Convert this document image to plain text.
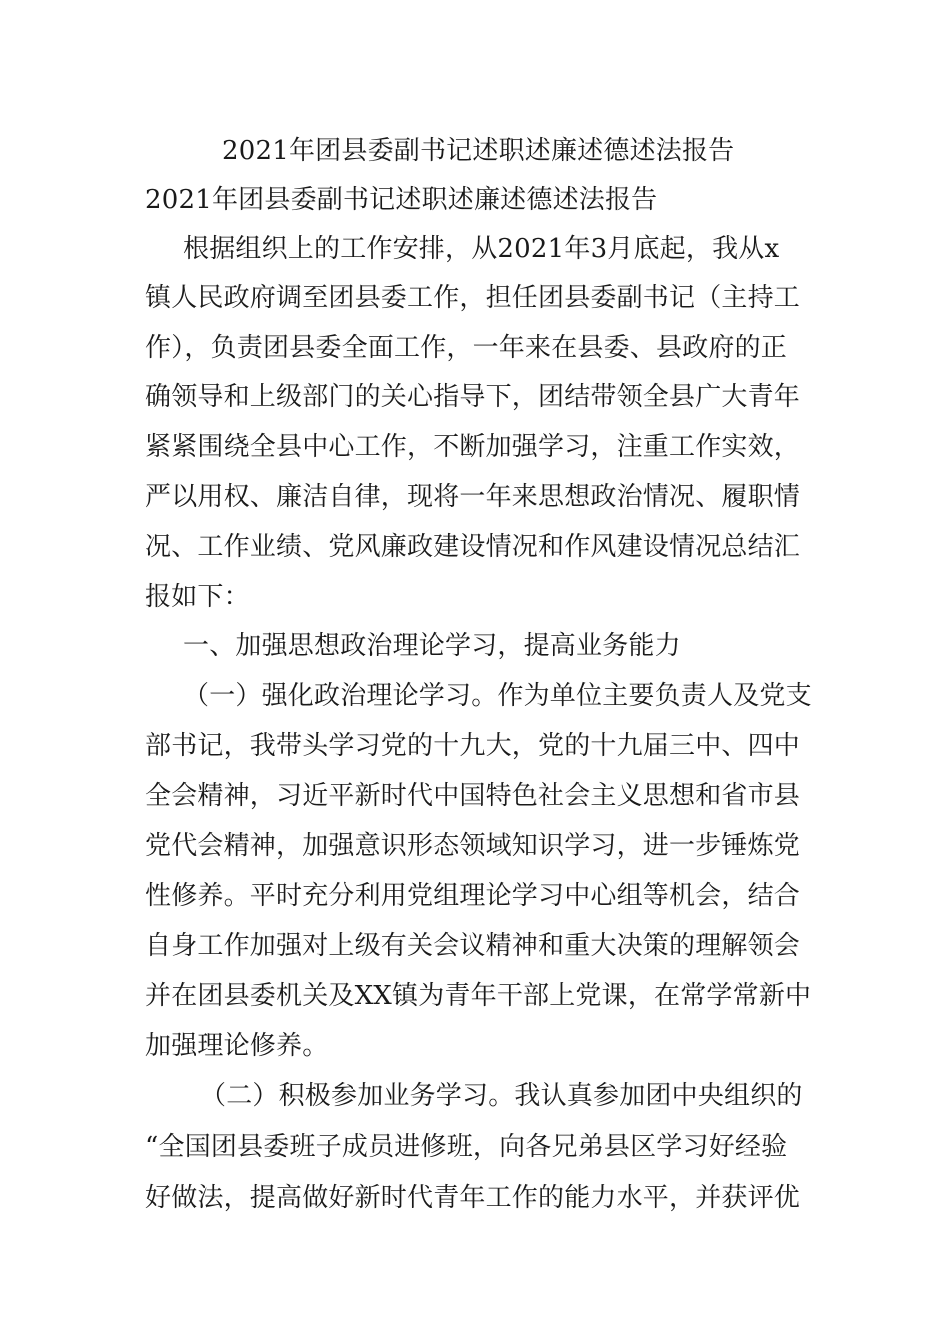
2021年团县委副书记述职述廉述德述法报告
2021年团县委副书记述职述廉述德述法报告
根据组织上的工作安排，从2021年3月底起，我从x
镇人民政府调至团县委工作，担任团县委副书记（主持工
作），负责团县委全面工作，一年来在县委、县政府的正
确领导和上级部门的关心指导下，团结带领全县广大青年
紧紧围绕全县中心工作，不断加强学习，注重工作实效，
严以用权、廉洁自律，现将一年来思想政治情况、履职情
况、工作业绩、党风廉政建设情况和作风建设情况总结汇
报如下：
一、加强思想政治理论学习，提高业务能力
（一）强化政治理论学习。作为单位主要负责人及党支
部书记，我带头学习党的十九大，党的十九届三中、四中
全会精神，习近平新时代中国特色社会主义思想和省市县
党代会精神，加强意识形态领域知识学习，进一步锤炼党
性修养。平时充分利用党组理论学习中心组等机会，结合
自身工作加强对上级有关会议精神和重大决策的理解领会
并在团县委机关及XX镇为青年干部上党课，在常学常新中
加强理论修养。
（二）积极参加业务学习。我认真参加团中央组织的
“全国团县委班子成员进修班，向各兄弟县区学习好经验
好做法，提高做好新时代青年工作的能力水平，并获评优
